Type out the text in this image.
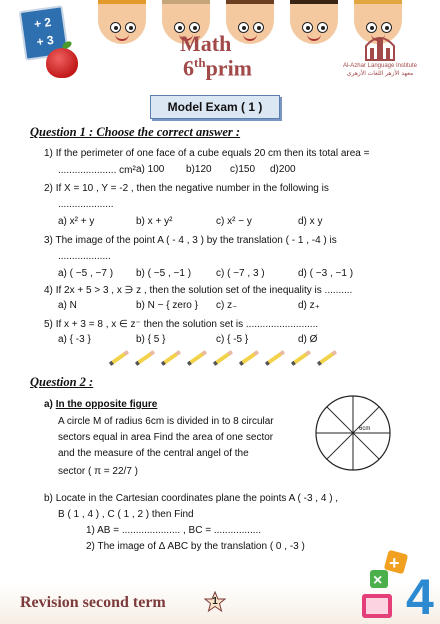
+ 2
+ 3	Math
6thprim	Al-Azhar Language Institute
معهد الأزهر اللغات الأزهري
Model Exam ( 1 )
Question 1 : Choose the correct answer :
1) If the perimeter of one face of a cube equals 20 cm then its total area =
..................... cm² a) 100 b)120 c)150 d)200
2) If X = 10 , Y = -2 , then the negative number in the following is
....................
a) x² + y	b) x + y²	c) x² − y	d) x y
3) The image of the point A ( - 4 , 3 ) by the translation ( - 1 , -4 ) is
...................
a) ( −5 , −7 ) b) ( −5 , −1 ) c) ( −7 , 3 )	d) ( −3 , −1 )
4) If 2x + 5 > 3 , x ∋ z , then the solution set of the inequality is ..........
a) N	b) N − { zero } c) z₋	d) z₊
5) If x + 3 = 8 , x ∈ z⁻ then the solution set is ..........................
a) { -3 }	b) { 5 }	c) { -5 }	d) Ø
Question 2 :
a) In the opposite figure
A circle M of radius 6cm is divided in to 8 circular
sectors equal in area Find the area of one sector
and the measure of the central angel of the
sector ( π = 22/7 )
6cm
b) Locate in the Cartesian coordinates plane the points A ( -3 , 4 ) ,
B ( 1 , 4 ) , C ( 1 , 2 ) then Find
1) AB = ..................... , BC = .................
2) The image of Δ ABC by the translation ( 0 , -3 )
Revision second term	1
+
× 4
